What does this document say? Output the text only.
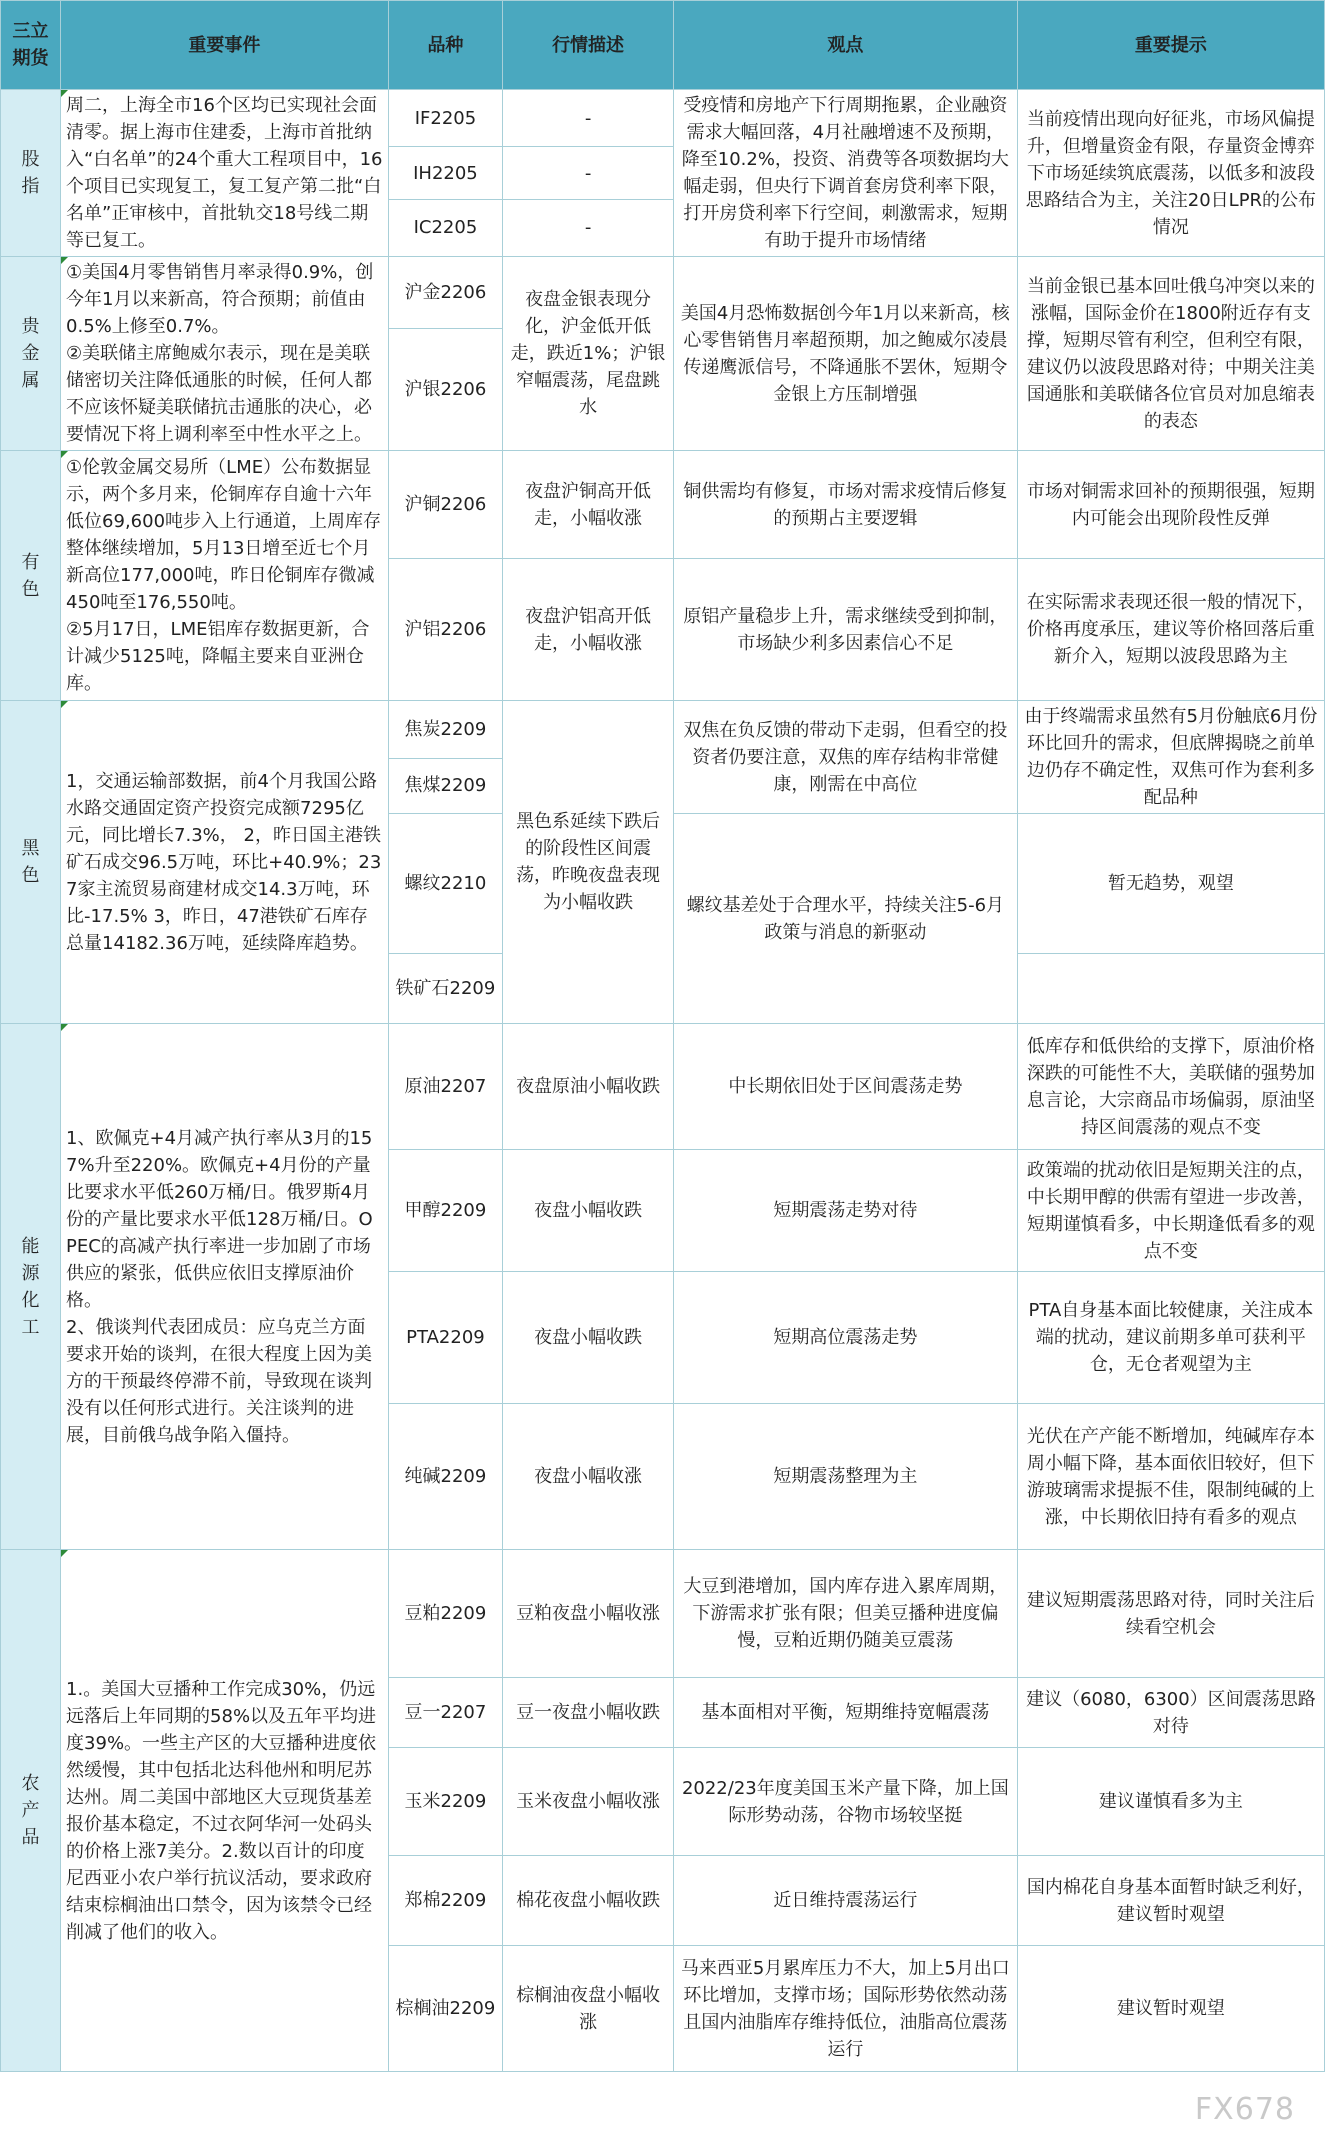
三立期货	重要事件	品种	行情描述	观点	重要提示

股指	周二，上海全市16个区均已实现社会面清零。据上海市住建委，上海市首批纳入“白名单”的24个重大工程项目中，16个项目已实现复工，复工复产第二批“白名单”正审核中，首批轨交18号线二期等已复工。	IF2205	-	受疫情和房地产下行周期拖累，企业融资需求大幅回落，4月社融增速不及预期，降至10.2%，投资、消费等各项数据均大幅走弱，但央行下调首套房贷利率下限，打开房贷利率下行空间，刺激需求，短期有助于提升市场情绪	当前疫情出现向好征兆，市场风偏提升，但增量资金有限，存量资金博弈下市场延续筑底震荡，以低多和波段思路结合为主，关注20日LPR的公布情况
		IH2205	-		
		IC2205	-		

贵金属	①美国4月零售销售月率录得0.9%，创今年1月以来新高，符合预期；前值由0.5%上修至0.7%。
②美联储主席鲍威尔表示，现在是美联储密切关注降低通胀的时候，任何人都不应该怀疑美联储抗击通胀的决心，必要情况下将上调利率至中性水平之上。	沪金2206	夜盘金银表现分化，沪金低开低走，跌近1%；沪银窄幅震荡，尾盘跳水	美国4月恐怖数据创今年1月以来新高，核心零售销售月率超预期，加之鲍威尔凌晨传递鹰派信号，不降通胀不罢休，短期令金银上方压制增强	当前金银已基本回吐俄乌冲突以来的涨幅，国际金价在1800附近存有支撑，短期尽管有利空，但利空有限，建议仍以波段思路对待；中期关注美国通胀和美联储各位官员对加息缩表的表态
		沪银2206			

有色	①伦敦金属交易所（LME）公布数据显示，两个多月来，伦铜库存自逾十六年低位69,600吨步入上行通道，上周库存整体继续增加，5月13日增至近七个月新高位177,000吨，昨日伦铜库存微减450吨至176,550吨。
②5月17日，LME铝库存数据更新，合计减少5125吨，降幅主要来自亚洲仓库。	沪铜2206	夜盘沪铜高开低走，小幅收涨	铜供需均有修复，市场对需求疫情后修复的预期占主要逻辑	市场对铜需求回补的预期很强，短期内可能会出现阶段性反弹
		沪铝2206	夜盘沪铝高开低走，小幅收涨	原铝产量稳步上升，需求继续受到抑制，市场缺少利多因素信心不足	在实际需求表现还很一般的情况下，价格再度承压，建议等价格回落后重新介入，短期以波段思路为主

黑色	1，交通运输部数据，前4个月我国公路水路交通固定资产投资完成额7295亿元，同比增长7.3%， 2，昨日国主港铁矿石成交96.5万吨，环比+40.9%；237家主流贸易商建材成交14.3万吨，环比-17.5% 3，昨日，47港铁矿石库存总量14182.36万吨，延续降库趋势。	焦炭2209	黑色系延续下跌后的阶段性区间震荡，昨晚夜盘表现为小幅收跌	双焦在负反馈的带动下走弱，但看空的投资者仍要注意，双焦的库存结构非常健康，刚需在中高位	由于终端需求虽然有5月份触底6月份环比回升的需求，但底牌揭晓之前单边仍存不确定性，双焦可作为套利多配品种
		焦煤2209			
		螺纹2210		螺纹基差处于合理水平，持续关注5-6月政策与消息的新驱动	暂无趋势，观望
		铁矿石2209			

能源化工	1、欧佩克+4月减产执行率从3月的157%升至220%。欧佩克+4月份的产量比要求水平低260万桶/日。俄罗斯4月份的产量比要求水平低128万桶/日。OPEC的高减产执行率进一步加剧了市场供应的紧张，低供应依旧支撑原油价格。
2、俄谈判代表团成员：应乌克兰方面要求开始的谈判，在很大程度上因为美方的干预最终停滞不前，导致现在谈判没有以任何形式进行。关注谈判的进展，目前俄乌战争陷入僵持。	原油2207	夜盘原油小幅收跌	中长期依旧处于区间震荡走势	低库存和低供给的支撑下，原油价格深跌的可能性不大，美联储的强势加息言论，大宗商品市场偏弱，原油坚持区间震荡的观点不变
		甲醇2209	夜盘小幅收跌	短期震荡走势对待	政策端的扰动依旧是短期关注的点，中长期甲醇的供需有望进一步改善，短期谨慎看多，中长期逢低看多的观点不变
		PTA2209	夜盘小幅收跌	短期高位震荡走势	PTA自身基本面比较健康，关注成本端的扰动，建议前期多单可获利平仓，无仓者观望为主
		纯碱2209	夜盘小幅收涨	短期震荡整理为主	光伏在产产能不断增加，纯碱库存本周小幅下降，基本面依旧较好，但下游玻璃需求提振不佳，限制纯碱的上涨，中长期依旧持有看多的观点

农产品	1.。美国大豆播种工作完成30%，仍远远落后上年同期的58%以及五年平均进度39%。一些主产区的大豆播种进度依然缓慢，其中包括北达科他州和明尼苏达州。周二美国中部地区大豆现货基差报价基本稳定，不过衣阿华河一处码头的价格上涨7美分。2.数以百计的印度尼西亚小农户举行抗议活动，要求政府结束棕榈油出口禁令，因为该禁令已经削减了他们的收入。	豆粕2209	豆粕夜盘小幅收涨	大豆到港增加，国内库存进入累库周期，下游需求扩张有限；但美豆播种进度偏慢，豆粕近期仍随美豆震荡	建议短期震荡思路对待，同时关注后续看空机会
		豆一2207	豆一夜盘小幅收跌	基本面相对平衡，短期维持宽幅震荡	建议（6080，6300）区间震荡思路对待
		玉米2209	玉米夜盘小幅收涨	2022/23年度美国玉米产量下降，加上国际形势动荡，谷物市场较坚挺	建议谨慎看多为主
		郑棉2209	棉花夜盘小幅收跌	近日维持震荡运行	国内棉花自身基本面暂时缺乏利好，建议暂时观望
		棕榈油2209	棕榈油夜盘小幅收涨	马来西亚5月累库压力不大，加上5月出口环比增加，支撑市场；国际形势依然动荡且国内油脂库存维持低位，油脂高位震荡运行	建议暂时观望
FX678
